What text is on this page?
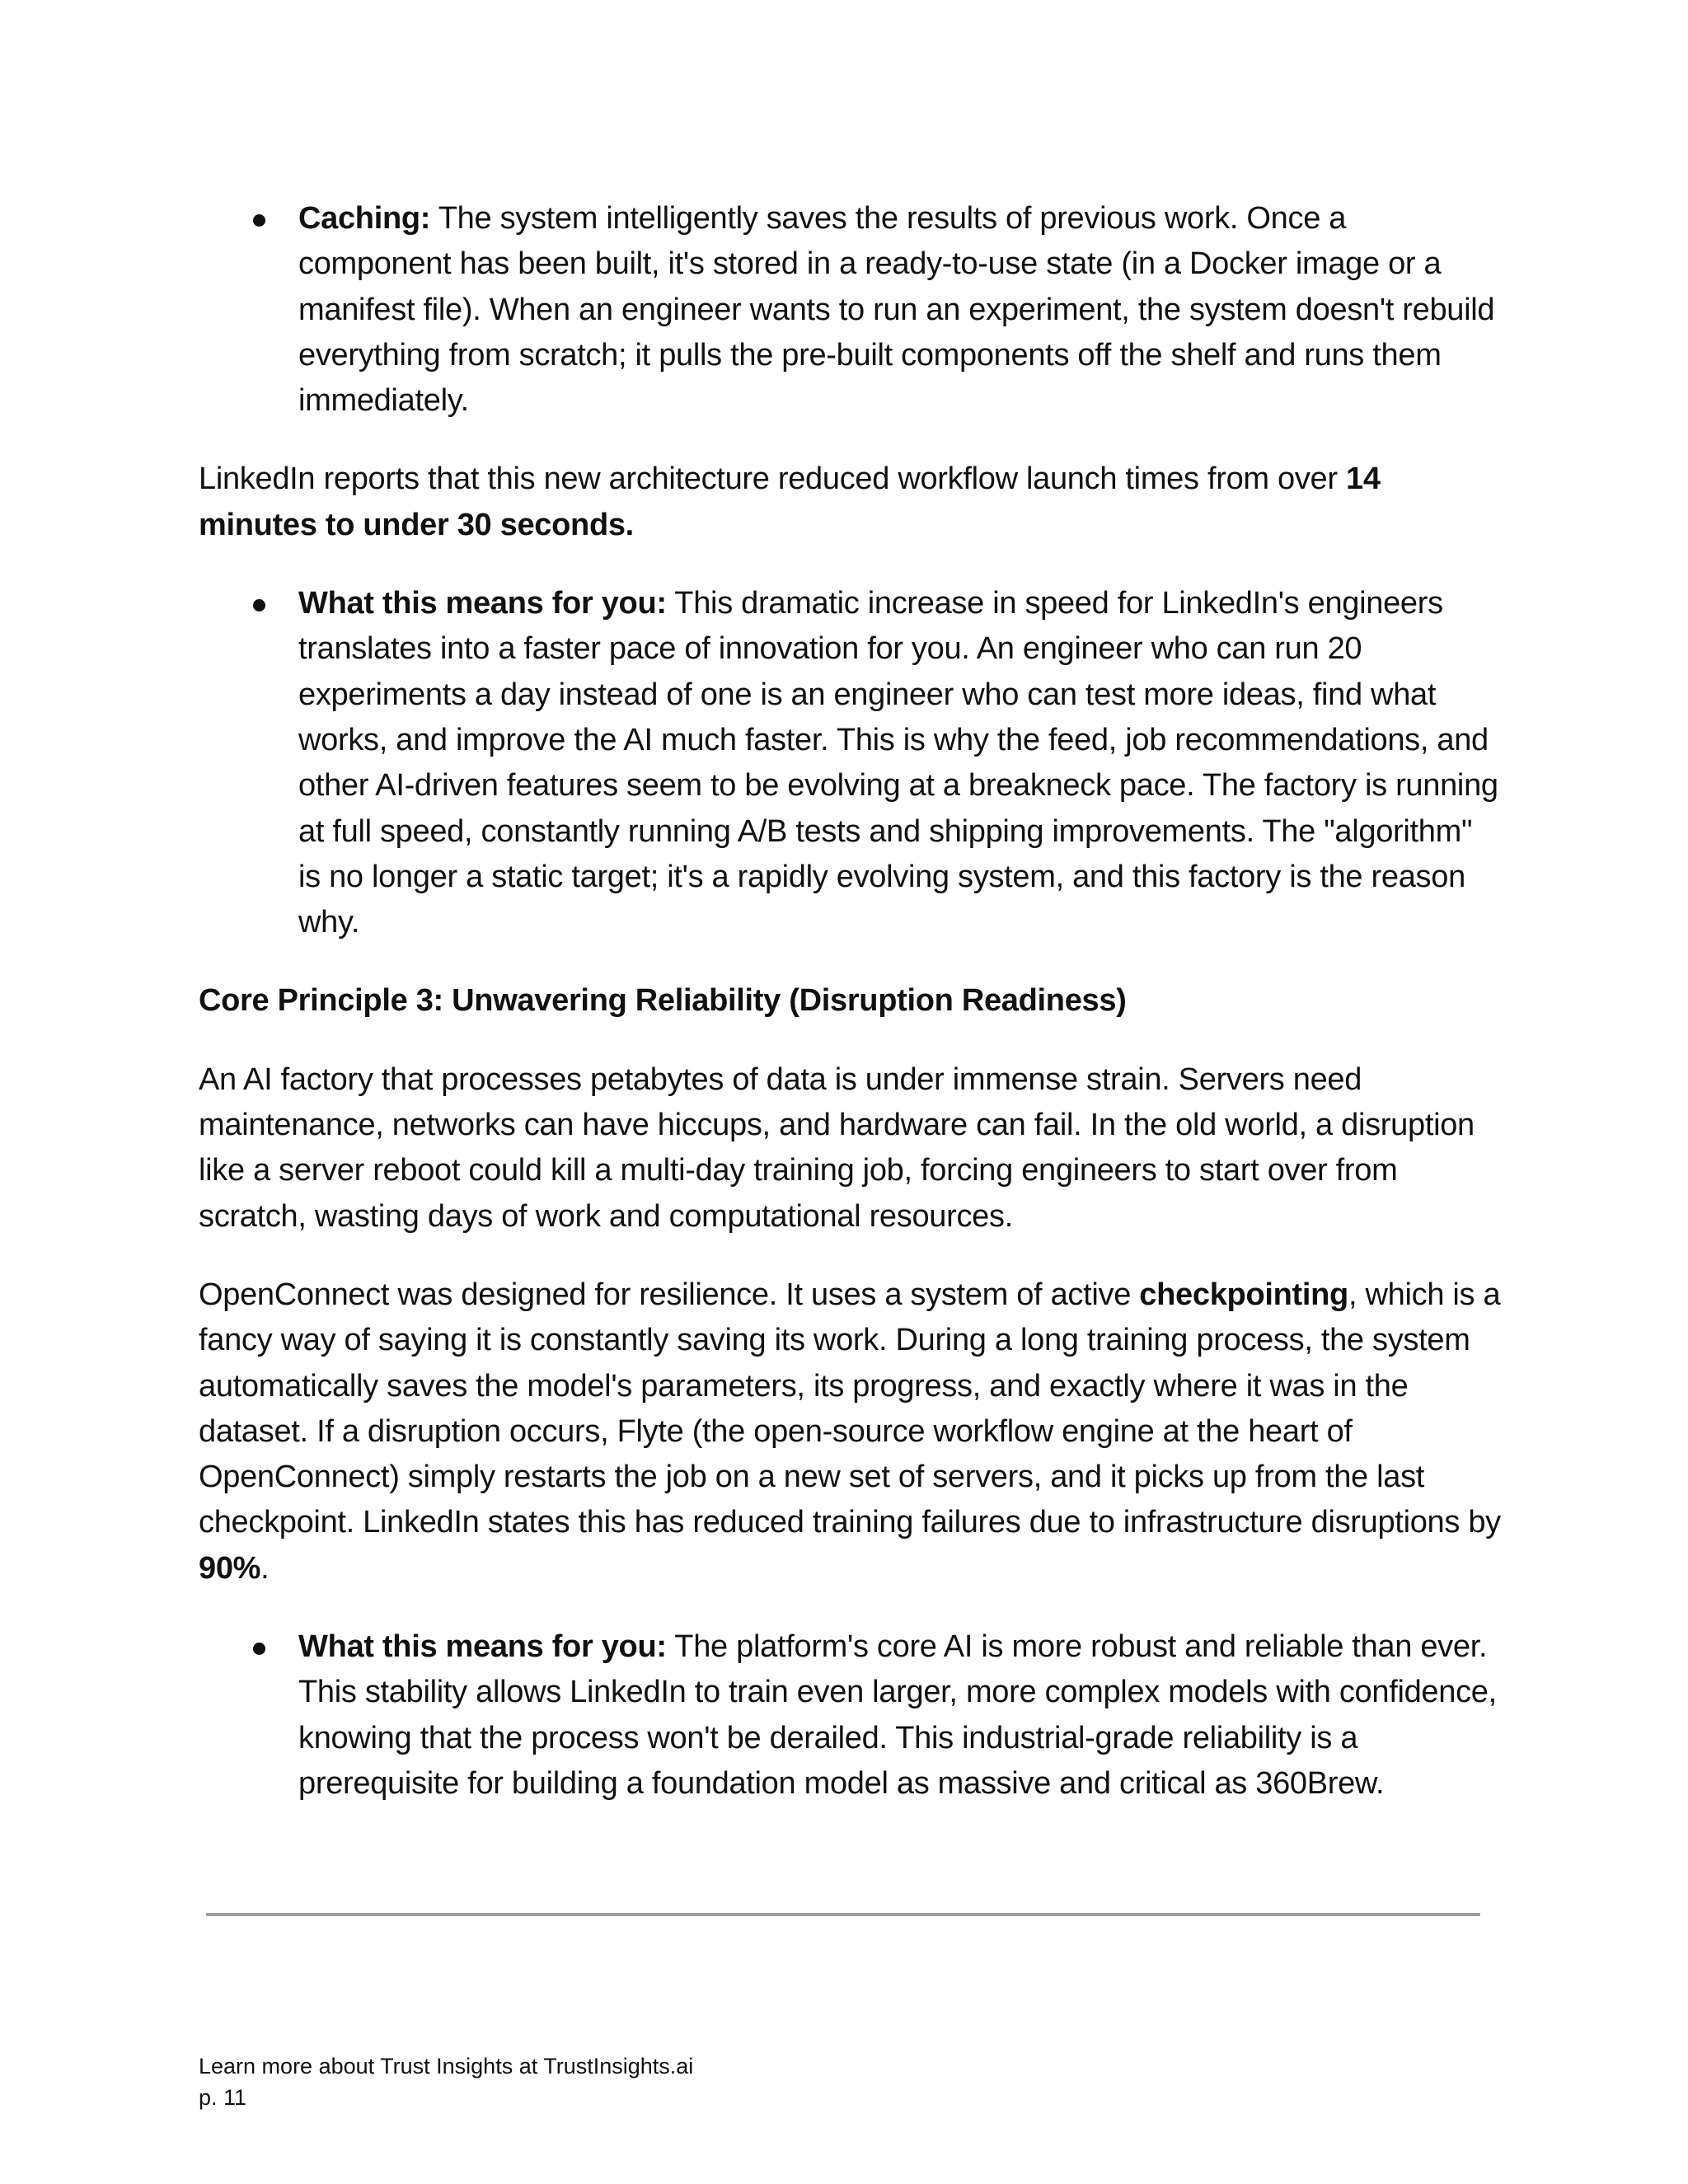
Caching: The system intelligently saves the results of previous work. Once a component has been built, it's stored in a ready-to-use state (in a Docker image or a manifest file). When an engineer wants to run an experiment, the system doesn't rebuild everything from scratch; it pulls the pre-built components off the shelf and runs them immediately.

LinkedIn reports that this new architecture reduced workflow launch times from over 14 minutes to under 30 seconds.

What this means for you: This dramatic increase in speed for LinkedIn's engineers translates into a faster pace of innovation for you. An engineer who can run 20 experiments a day instead of one is an engineer who can test more ideas, find what works, and improve the AI much faster. This is why the feed, job recommendations, and other AI-driven features seem to be evolving at a breakneck pace. The factory is running at full speed, constantly running A/B tests and shipping improvements. The "algorithm" is no longer a static target; it's a rapidly evolving system, and this factory is the reason why.

Core Principle 3: Unwavering Reliability (Disruption Readiness)

An AI factory that processes petabytes of data is under immense strain. Servers need maintenance, networks can have hiccups, and hardware can fail. In the old world, a disruption like a server reboot could kill a multi-day training job, forcing engineers to start over from scratch, wasting days of work and computational resources.

OpenConnect was designed for resilience. It uses a system of active checkpointing, which is a fancy way of saying it is constantly saving its work. During a long training process, the system automatically saves the model's parameters, its progress, and exactly where it was in the dataset. If a disruption occurs, Flyte (the open-source workflow engine at the heart of OpenConnect) simply restarts the job on a new set of servers, and it picks up from the last checkpoint. LinkedIn states this has reduced training failures due to infrastructure disruptions by 90%.

What this means for you: The platform's core AI is more robust and reliable than ever. This stability allows LinkedIn to train even larger, more complex models with confidence, knowing that the process won't be derailed. This industrial-grade reliability is a prerequisite for building a foundation model as massive and critical as 360Brew.
Learn more about Trust Insights at TrustInsights.ai
p. 11
